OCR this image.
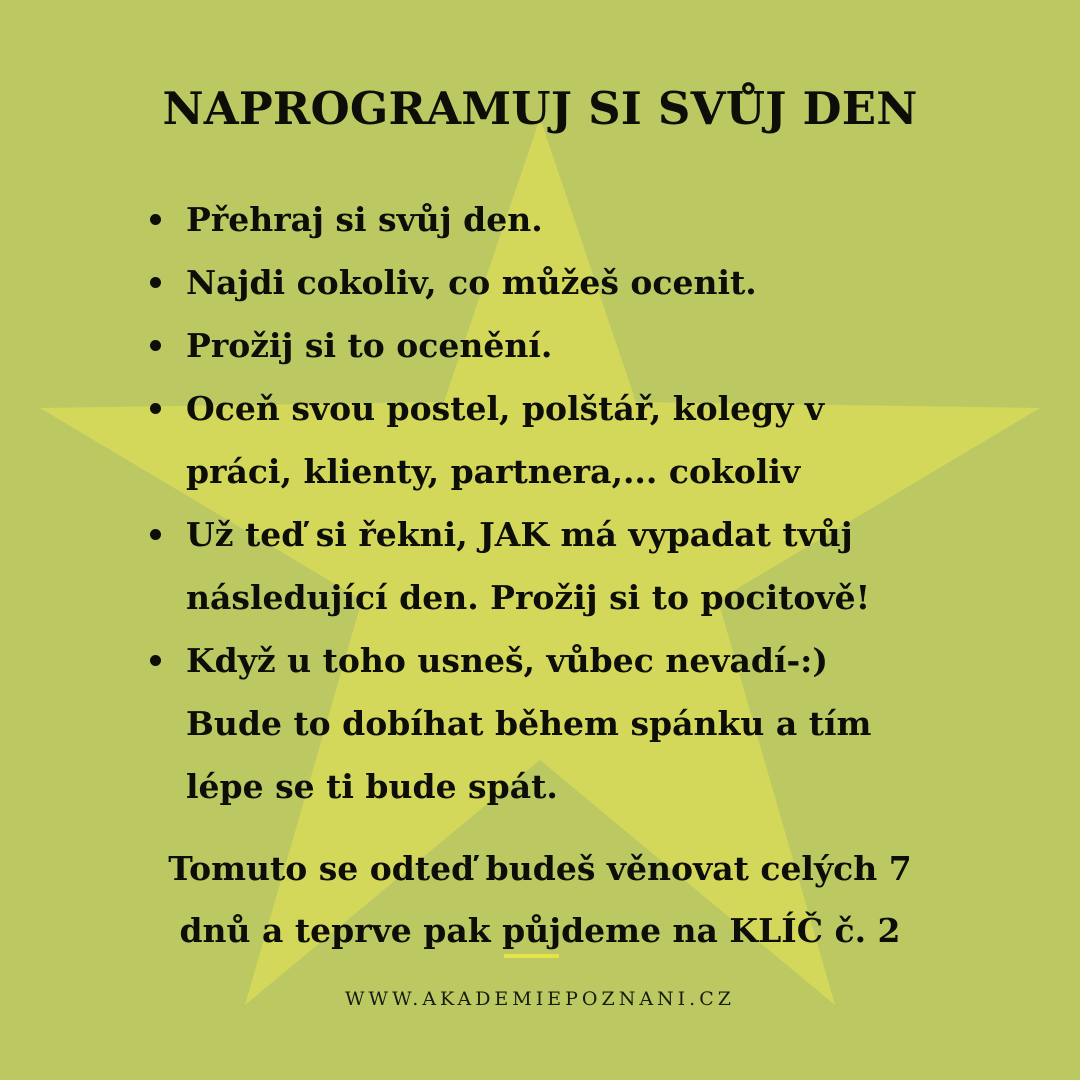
NAPROGRAMUJ SI SVŮJ DEN
Přehraj si svůj den.
Najdi cokoliv, co můžeš ocenit.
Prožij si to ocenění.
Oceň svou postel, polštář, kolegy v
práci, klienty, partnera,... cokoliv
Už teď si řekni, JAK má vypadat tvůj
následující den. Prožij si to pocitově!
Když u toho usneš, vůbec nevadí-:)
Bude to dobíhat během spánku a tím
lépe se ti bude spát.
Tomuto se odteď budeš věnovat celých 7
dnů a teprve pak půjdeme na KLÍČ č. 2
WWW.AKADEMIEPOZNANI.CZ
